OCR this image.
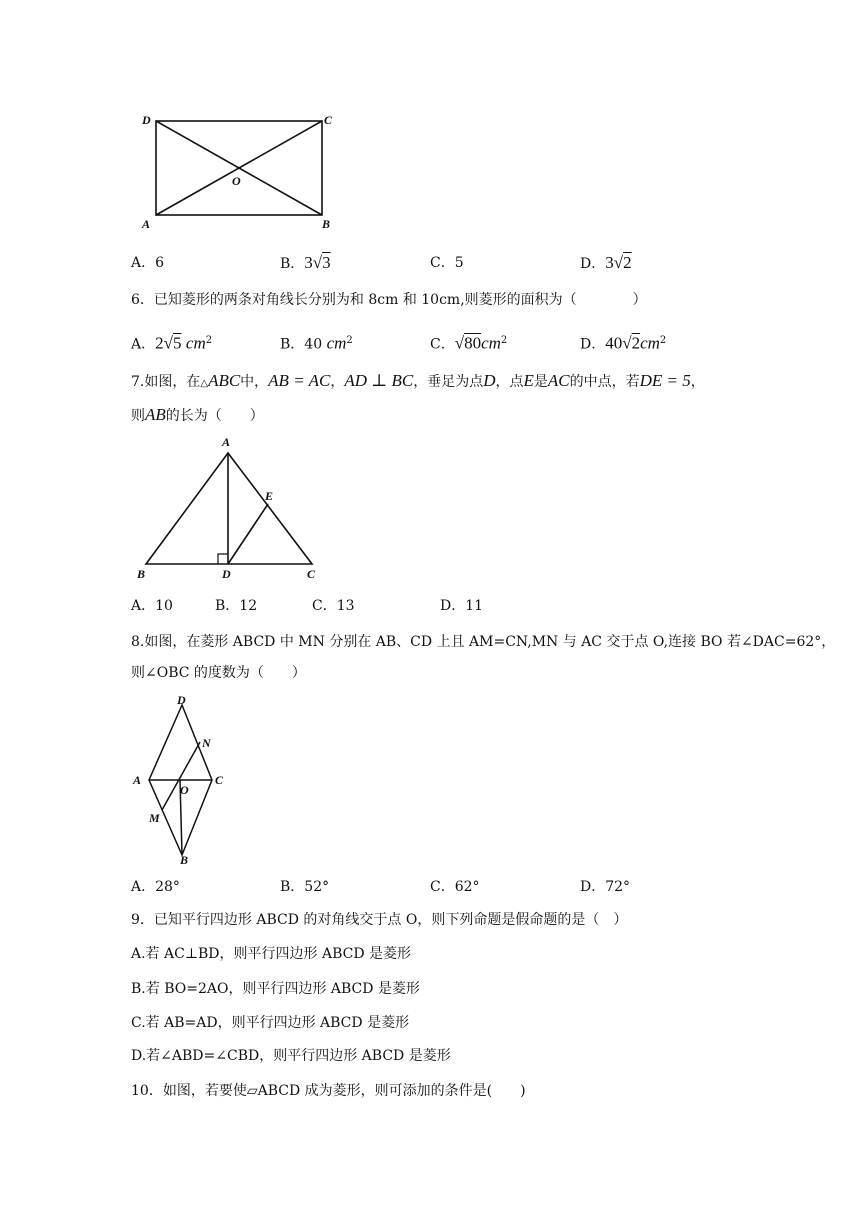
D	C
O
A	B
A．6	B．3√3	C．5	D．3√2
6．已知菱形的两条对角线长分别为和 8cm 和 10cm,则菱形的面积为（　　　　）
A．2√5 $cm^2$	B．40 $cm^2$	C．$√80cm^2$	D．$40√2cm^2$
7.如图，在△ABC中，AB = AC，AD ⊥ BC，垂足为点D，点E是AC的中点，若DE = 5，
则AB的长为（　　）
A
E
B	D	C
A．10	B．12	C．13	D．11
8.如图，在菱形 ABCD 中 MN 分别在 AB、CD 上且 AM=CN,MN 与 AC 交于点 O,连接 BO 若∠DAC=62°，
则∠OBC 的度数为（　　）
D
N
A
O
C
M
B
A．28°	B．52°	C．62°	D．72°
9．已知平行四边形 ABCD 的对角线交于点 O，则下列命题是假命题的是（　）
A.若 AC⊥BD，则平行四边形 ABCD 是菱形
B.若 BO=2AO，则平行四边形 ABCD 是菱形
C.若 AB=AD，则平行四边形 ABCD 是菱形
D.若∠ABD=∠CBD，则平行四边形 ABCD 是菱形
10．如图，若要使▱ABCD 成为菱形，则可添加的条件是(　　)
